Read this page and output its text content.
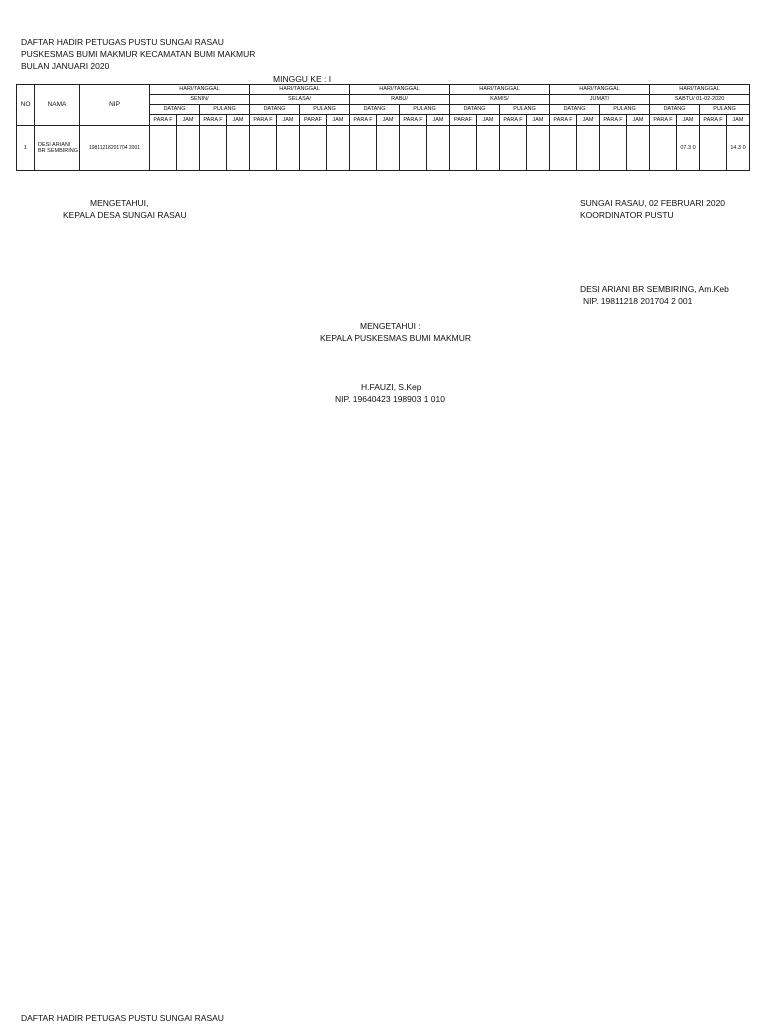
DAFTAR HADIR PETUGAS PUSTU SUNGAI RASAU
PUSKESMAS BUMI MAKMUR KECAMATAN BUMI MAKMUR
BULAN JANUARI 2020
MINGGU KE : I
NO	NAMA	NIP	HARI/TANGGAL				HARI/TANGGAL				HARI/TANGGAL				HARI/TANGGAL				HARI/TANGGAL				HARI/TANGGAL			
			SENIN/				SELASA/				RABU/				KAMIS/				JUMAT/				SABTU/ 01-02-2020			
			DATANG		PULANG		DATANG		PULANG		DATANG		PULANG		DATANG		PULANG		DATANG		PULANG		DATANG		PULANG	
			PARA F	JAM	PARA F	JAM	PARA F	JAM	PARAF	JAM	PARA F	JAM	PARA F	JAM	PARAF	JAM	PARA F	JAM	PARA F	JAM	PARA F	JAM	PARA F	JAM	PARA F	JAM
1	DESI ARIANI BR SEMBIRING	19811218201704 2001																						07.3 0		14.3 0
MENGETAHUI,
KEPALA DESA SUNGAI RASAU
SUNGAI RASAU, 02 FEBRUARI 2020
KOORDINATOR PUSTU
DESI ARIANI BR SEMBIRING, Am.Keb
NIP. 19811218 201704 2 001
MENGETAHUI :
KEPALA PUSKESMAS BUMI MAKMUR
H.FAUZI, S.Kep
NIP. 19640423 198903 1 010
DAFTAR HADIR PETUGAS PUSTU SUNGAI RASAU
